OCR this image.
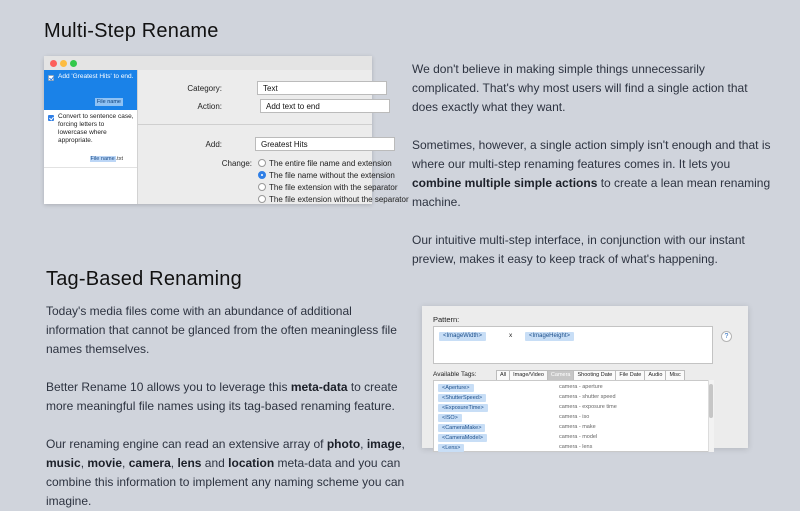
Multi-Step Rename
Add 'Greatest Hits' to end.
File name
Convert to sentence case, forcing letters to lowercase where appropriate.
File name.txt
Category:	Text
Action:	Add text to end
Add:	Greatest Hits
Change:	The entire file name and extension
The file name without the extension
The file extension with the separator
The file extension without the separator

We don't believe in making simple things unnecessarily complicated. That's why most users will find a single action that does exactly what they want.

Sometimes, however, a single action simply isn't enough and that is where our multi-step renaming features comes in. It lets you combine multiple simple actions to create a lean mean renaming machine.

Our intuitive multi-step interface, in conjunction with our instant preview, makes it easy to keep track of what's happening.

Tag-Based Renaming

Today's media files come with an abundance of additional information that cannot be glanced from the often meaningless file names themselves.

Better Rename 10 allows you to leverage this meta-data to create more meaningful file names using its tag-based renaming feature.

Our renaming engine can read an extensive array of photo, image, music, movie, camera, lens and location meta-data and you can combine this information to implement any naming scheme you can imagine.

Pattern:
<ImageWidth>	x	<ImageHeight>	?
Available Tags:	All	Image/Video	Camera	Shooting Date	File Date	Audio	Misc
<Aperture>	camera - aperture
<ShutterSpeed>	camera - shutter speed
<ExposureTime>	camera - exposure time
<ISO>	camera - iso
<CameraMake>	camera - make
<CameraModel>	camera - model
<Lens>	camera - lens
